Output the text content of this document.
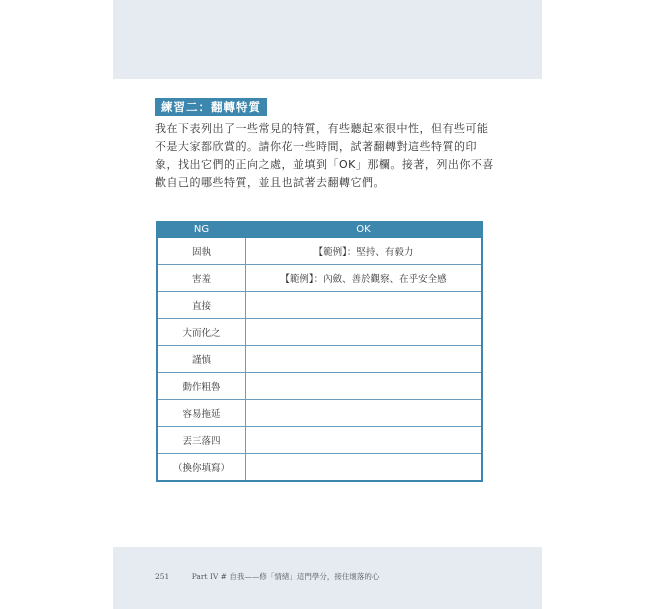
練習二：翻轉特質

我在下表列出了一些常見的特質，有些聽起來很中性，但有些可能不是大家都欣賞的。請你花一些時間，試著翻轉對這些特質的印象，找出它們的正向之處，並填到「OK」那欄。接著，列出你不喜歡自己的哪些特質，並且也試著去翻轉它們。

NG	OK
固執	【範例】：堅持、有毅力
害羞	【範例】：內斂、善於觀察、在乎安全感
直接	
大而化之	
謹慎	
動作粗魯	
容易拖延	
丟三落四	
（換你填寫）	
251	Part IV # 自我——修「情緒」這門學分，接住壞落的心
